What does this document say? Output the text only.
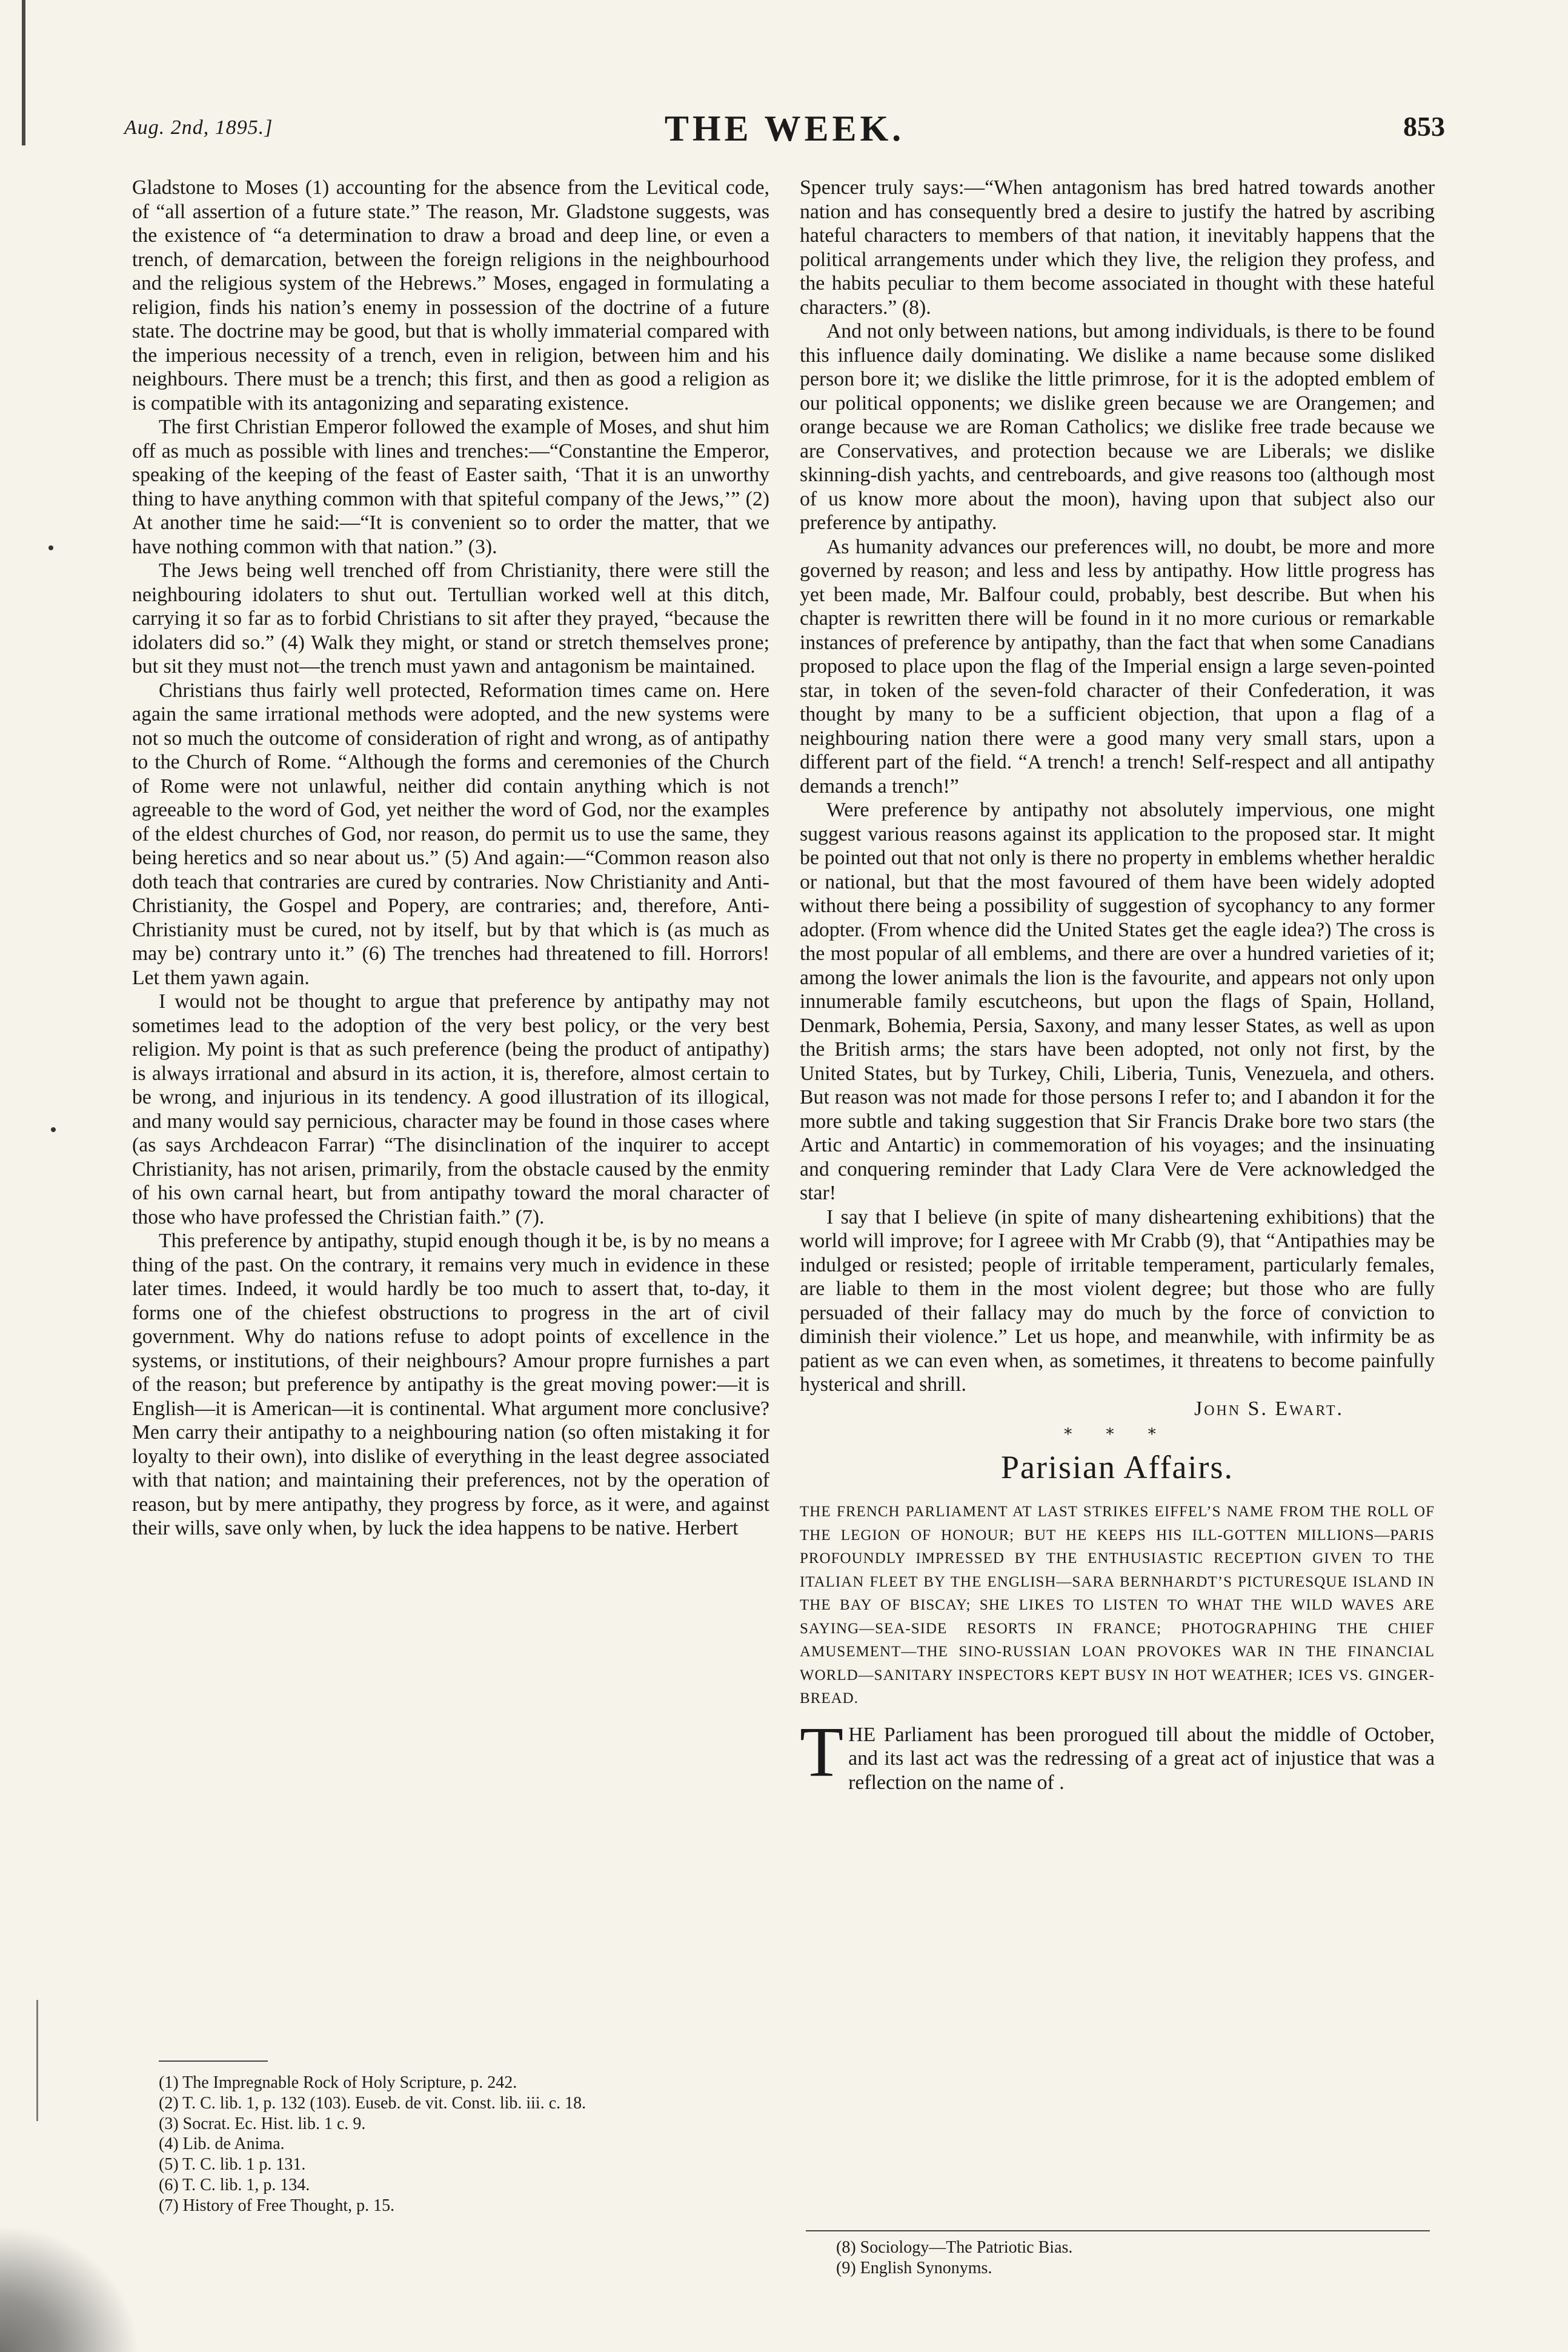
Aug. 2nd, 1895.]	THE WEEK.	853

Gladstone to Moses (1) accounting for the absence from the Levitical code, of “all assertion of a future state.” The reason, Mr. Gladstone suggests, was the existence of “a determination to draw a broad and deep line, or even a trench, of demarcation, between the foreign religions in the neighbourhood and the religious system of the Hebrews.” Moses, engaged in formulating a religion, finds his nation’s enemy in possession of the doctrine of a future state. The doctrine may be good, but that is wholly immaterial compared with the imperious necessity of a trench, even in religion, between him and his neighbours. There must be a trench; this first, and then as good a religion as is compatible with its antagonizing and separating existence.

The first Christian Emperor followed the example of Moses, and shut him off as much as possible with lines and trenches:—“Constantine the Emperor, speaking of the keeping of the feast of Easter saith, ‘That it is an unworthy thing to have anything common with that spiteful company of the Jews,’” (2) At another time he said:—“It is convenient so to order the matter, that we have nothing common with that nation.” (3).

The Jews being well trenched off from Christianity, there were still the neighbouring idolaters to shut out. Tertullian worked well at this ditch, carrying it so far as to forbid Christians to sit after they prayed, “because the idolaters did so.” (4) Walk they might, or stand or stretch themselves prone; but sit they must not—the trench must yawn and antagonism be maintained.

Christians thus fairly well protected, Reformation times came on. Here again the same irrational methods were adopted, and the new systems were not so much the outcome of consideration of right and wrong, as of antipathy to the Church of Rome. “Although the forms and ceremonies of the Church of Rome were not unlawful, neither did contain anything which is not agreeable to the word of God, yet neither the word of God, nor the examples of the eldest churches of God, nor reason, do permit us to use the same, they being heretics and so near about us.” (5) And again:—“Common reason also doth teach that contraries are cured by contraries. Now Christianity and Anti-Christianity, the Gospel and Popery, are contraries; and, therefore, Anti-Christianity must be cured, not by itself, but by that which is (as much as may be) contrary unto it.” (6) The trenches had threatened to fill. Horrors! Let them yawn again.

I would not be thought to argue that preference by antipathy may not sometimes lead to the adoption of the very best policy, or the very best religion. My point is that as such preference (being the product of antipathy) is always irrational and absurd in its action, it is, therefore, almost certain to be wrong, and injurious in its tendency. A good illustration of its illogical, and many would say pernicious, character may be found in those cases where (as says Archdeacon Farrar) “The disinclination of the inquirer to accept Christianity, has not arisen, primarily, from the obstacle caused by the enmity of his own carnal heart, but from antipathy toward the moral character of those who have professed the Christian faith.” (7).

This preference by antipathy, stupid enough though it be, is by no means a thing of the past. On the contrary, it remains very much in evidence in these later times. Indeed, it would hardly be too much to assert that, to-day, it forms one of the chiefest obstructions to progress in the art of civil government. Why do nations refuse to adopt points of excellence in the systems, or institutions, of their neighbours? Amour propre furnishes a part of the reason; but preference by antipathy is the great moving power:—it is English—it is American—it is continental. What argument more conclusive? Men carry their antipathy to a neighbouring nation (so often mistaking it for loyalty to their own), into dislike of everything in the least degree associated with that nation; and maintaining their preferences, not by the operation of reason, but by mere antipathy, they progress by force, as it were, and against their wills, save only when, by luck the idea happens to be native. Herbert

(1) The Impregnable Rock of Holy Scripture, p. 242.

(2) T. C. lib. 1, p. 132 (103). Euseb. de vit. Const. lib. iii. c. 18.

(3) Socrat. Ec. Hist. lib. 1 c. 9.

(4) Lib. de Anima.

(5) T. C. lib. 1 p. 131.

(6) T. C. lib. 1, p. 134.

(7) History of Free Thought, p. 15.

Spencer truly says:—“When antagonism has bred hatred towards another nation and has consequently bred a desire to justify the hatred by ascribing hateful characters to members of that nation, it inevitably happens that the political arrangements under which they live, the religion they profess, and the habits peculiar to them become associated in thought with these hateful characters.” (8).

And not only between nations, but among individuals, is there to be found this influence daily dominating. We dislike a name because some disliked person bore it; we dislike the little primrose, for it is the adopted emblem of our political opponents; we dislike green because we are Orangemen; and orange because we are Roman Catholics; we dislike free trade because we are Conservatives, and protection because we are Liberals; we dislike skinning-dish yachts, and centreboards, and give reasons too (although most of us know more about the moon), having upon that subject also our preference by antipathy.

As humanity advances our preferences will, no doubt, be more and more governed by reason; and less and less by antipathy. How little progress has yet been made, Mr. Balfour could, probably, best describe. But when his chapter is rewritten there will be found in it no more curious or remarkable instances of preference by antipathy, than the fact that when some Canadians proposed to place upon the flag of the Imperial ensign a large seven-pointed star, in token of the seven-fold character of their Confederation, it was thought by many to be a sufficient objection, that upon a flag of a neighbouring nation there were a good many very small stars, upon a different part of the field. “A trench! a trench! Self-respect and all antipathy demands a trench!”

Were preference by antipathy not absolutely impervious, one might suggest various reasons against its application to the proposed star. It might be pointed out that not only is there no property in emblems whether heraldic or national, but that the most favoured of them have been widely adopted without there being a possibility of suggestion of sycophancy to any former adopter. (From whence did the United States get the eagle idea?) The cross is the most popular of all emblems, and there are over a hundred varieties of it; among the lower animals the lion is the favourite, and appears not only upon innumerable family escutcheons, but upon the flags of Spain, Holland, Denmark, Bohemia, Persia, Saxony, and many lesser States, as well as upon the British arms; the stars have been adopted, not only not first, by the United States, but by Turkey, Chili, Liberia, Tunis, Venezuela, and others. But reason was not made for those persons I refer to; and I abandon it for the more subtle and taking suggestion that Sir Francis Drake bore two stars (the Artic and Antartic) in commemoration of his voyages; and the insinuating and conquering reminder that Lady Clara Vere de Vere acknowledged the star!

I say that I believe (in spite of many disheartening exhibitions) that the world will improve; for I agreee with Mr Crabb (9), that “Antipathies may be indulged or resisted; people of irritable temperament, particularly females, are liable to them in the most violent degree; but those who are fully persuaded of their fallacy may do much by the force of conviction to diminish their violence.” Let us hope, and meanwhile, with infirmity be as patient as we can even when, as sometimes, it threatens to become painfully hysterical and shrill.

John S. Ewart.
* * *
Parisian Affairs.

THE FRENCH PARLIAMENT AT LAST STRIKES EIFFEL’S NAME FROM THE ROLL OF THE LEGION OF HONOUR; BUT HE KEEPS HIS ILL-GOTTEN MILLIONS—PARIS PROFOUNDLY IMPRESSED BY THE ENTHUSIASTIC RECEPTION GIVEN TO THE ITALIAN FLEET BY THE ENGLISH—SARA BERNHARDT’S PICTURESQUE ISLAND IN THE BAY OF BISCAY; SHE LIKES TO LISTEN TO WHAT THE WILD WAVES ARE SAYING—SEA-SIDE RESORTS IN FRANCE; PHOTOGRAPHING THE CHIEF AMUSEMENT—THE SINO-RUSSIAN LOAN PROVOKES WAR IN THE FINANCIAL WORLD—SANITARY INSPECTORS KEPT BUSY IN HOT WEATHER; ICES VS. GINGER-BREAD.

THE Parliament has been prorogued till about the middle of October, and its last act was the redressing of a great act of injustice that was a reflection on the name of .

(8) Sociology—The Patriotic Bias.

(9) English Synonyms.
